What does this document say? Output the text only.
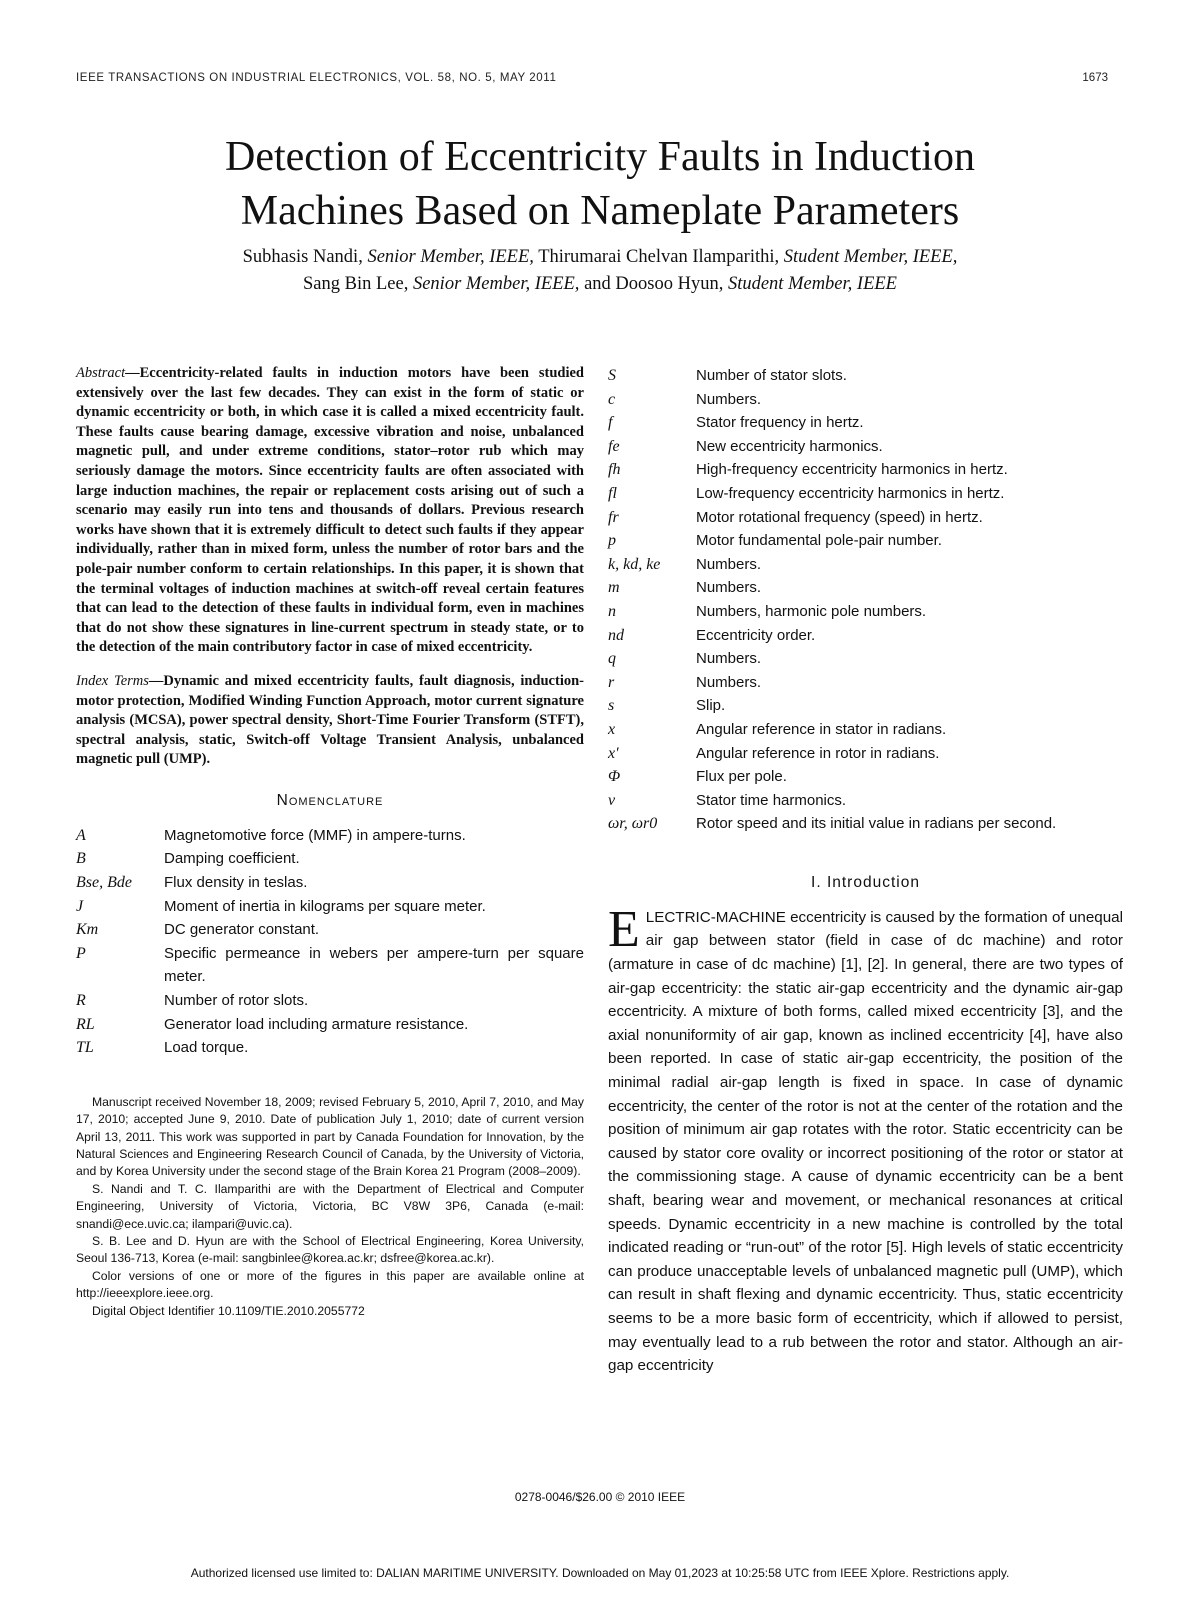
IEEE TRANSACTIONS ON INDUSTRIAL ELECTRONICS, VOL. 58, NO. 5, MAY 2011	1673
Detection of Eccentricity Faults in Induction
Machines Based on Nameplate Parameters
Subhasis Nandi, Senior Member, IEEE, Thirumarai Chelvan Ilamparithi, Student Member, IEEE,
Sang Bin Lee, Senior Member, IEEE, and Doosoo Hyun, Student Member, IEEE

Abstract—Eccentricity-related faults in induction motors have been studied extensively over the last few decades. They can exist in the form of static or dynamic eccentricity or both, in which case it is called a mixed eccentricity fault. These faults cause bearing damage, excessive vibration and noise, unbalanced magnetic pull, and under extreme conditions, stator–rotor rub which may seriously damage the motors. Since eccentricity faults are often associated with large induction machines, the repair or replacement costs arising out of such a scenario may easily run into tens and thousands of dollars. Previous research works have shown that it is extremely difficult to detect such faults if they appear individually, rather than in mixed form, unless the number of rotor bars and the pole-pair number conform to certain relationships. In this paper, it is shown that the terminal voltages of induction machines at switch-off reveal certain features that can lead to the detection of these faults in individual form, even in machines that do not show these signatures in line-current spectrum in steady state, or to the detection of the main contributory factor in case of mixed eccentricity.

Index Terms—Dynamic and mixed eccentricity faults, fault diagnosis, induction-motor protection, Modified Winding Function Approach, motor current signature analysis (MCSA), power spectral density, Short-Time Fourier Transform (STFT), spectral analysis, static, Switch-off Voltage Transient Analysis, unbalanced magnetic pull (UMP).

Nomenclature
A	Magnetomotive force (MMF) in ampere-turns.
B	Damping coefficient.
Bse, Bde	Flux density in teslas.
J	Moment of inertia in kilograms per square meter.
Km	DC generator constant.
P	Specific permeance in webers per ampere-turn per square meter.
R	Number of rotor slots.
RL	Generator load including armature resistance.
TL	Load torque.

Manuscript received November 18, 2009; revised February 5, 2010, April 7, 2010, and May 17, 2010; accepted June 9, 2010. Date of publication July 1, 2010; date of current version April 13, 2011. This work was supported in part by Canada Foundation for Innovation, by the Natural Sciences and Engineering Research Council of Canada, by the University of Victoria, and by Korea University under the second stage of the Brain Korea 21 Program (2008–2009).

S. Nandi and T. C. Ilamparithi are with the Department of Electrical and Computer Engineering, University of Victoria, Victoria, BC V8W 3P6, Canada (e-mail: snandi@ece.uvic.ca; ilampari@uvic.ca).

S. B. Lee and D. Hyun are with the School of Electrical Engineering, Korea University, Seoul 136-713, Korea (e-mail: sangbinlee@korea.ac.kr; dsfree@korea.ac.kr).

Color versions of one or more of the figures in this paper are available online at http://ieeexplore.ieee.org.

Digital Object Identifier 10.1109/TIE.2010.2055772

S	Number of stator slots.
c	Numbers.
f	Stator frequency in hertz.
fe	New eccentricity harmonics.
fh	High-frequency eccentricity harmonics in hertz.
fl	Low-frequency eccentricity harmonics in hertz.
fr	Motor rotational frequency (speed) in hertz.
p	Motor fundamental pole-pair number.
k, kd, ke	Numbers.
m	Numbers.
n	Numbers, harmonic pole numbers.
nd	Eccentricity order.
q	Numbers.
r	Numbers.
s	Slip.
x	Angular reference in stator in radians.
x′	Angular reference in rotor in radians.
Φ	Flux per pole.
ν	Stator time harmonics.
ωr, ωr0	Rotor speed and its initial value in radians per second.
I. Introduction

ELECTRIC-MACHINE eccentricity is caused by the formation of unequal air gap between stator (field in case of dc machine) and rotor (armature in case of dc machine) [1], [2]. In general, there are two types of air-gap eccentricity: the static air-gap eccentricity and the dynamic air-gap eccentricity. A mixture of both forms, called mixed eccentricity [3], and the axial nonuniformity of air gap, known as inclined eccentricity [4], have also been reported. In case of static air-gap eccentricity, the position of the minimal radial air-gap length is fixed in space. In case of dynamic eccentricity, the center of the rotor is not at the center of the rotation and the position of minimum air gap rotates with the rotor. Static eccentricity can be caused by stator core ovality or incorrect positioning of the rotor or stator at the commissioning stage. A cause of dynamic eccentricity can be a bent shaft, bearing wear and movement, or mechanical resonances at critical speeds. Dynamic eccentricity in a new machine is controlled by the total indicated reading or “run-out” of the rotor [5]. High levels of static eccentricity can produce unacceptable levels of unbalanced magnetic pull (UMP), which can result in shaft flexing and dynamic eccentricity. Thus, static eccentricity seems to be a more basic form of eccentricity, which if allowed to persist, may eventually lead to a rub between the rotor and stator. Although an air-gap eccentricity

0278-0046/$26.00 © 2010 IEEE
Authorized licensed use limited to: DALIAN MARITIME UNIVERSITY. Downloaded on May 01,2023 at 10:25:58 UTC from IEEE Xplore. Restrictions apply.
